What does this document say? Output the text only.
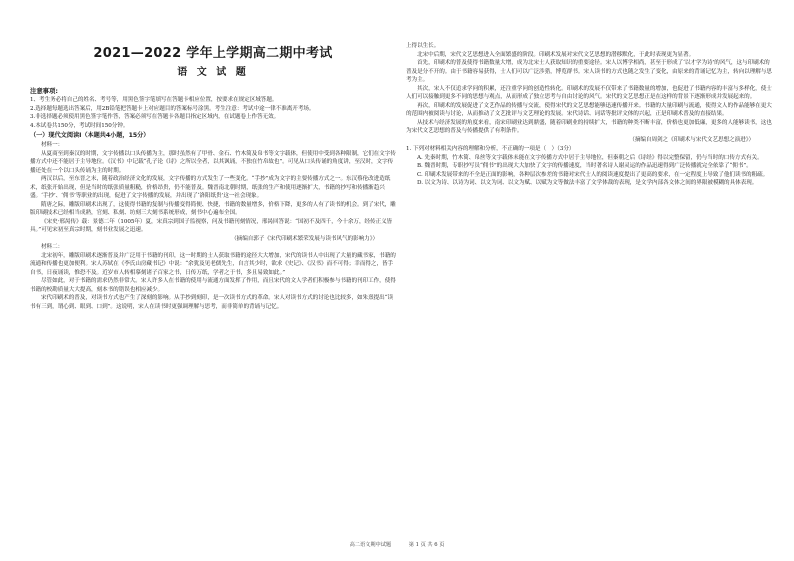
2021—2022 学年上学期高二期中考试
语 文 试 题
注意事项:

1、考生务必将自己的姓名、考号等，用黑色签字笔填写在答题卡相应位置，按要求在规定区域答题。

2.选择题每题选出答案后，用2B铅笔把答题卡上对应题目的答案标号涂黑。考生注意：考试中途一律不准离开考场。

3.非选择题必须使用黑色签字笔作答，答案必须写在答题卡各题目指定区域内，在试题卷上作答无效。

4.本试卷共150分，考试时间150分钟。

（一）现代文阅读Ⅰ（本题共4小题，15分）

材料一：

从夏商至到秦汉的时期，文字传播以口头传播为主，那时虽然有了甲骨、金石、竹木简及帛书等文字载体，但使用中受到各种限制，它们在文字传播方式中还不能居于主导地位。《汉书》中记载“孔子论《诗》之所以全者，以其讽诵，不独在竹帛故也”。可见从口头传诵的角度讲，至汉时，文字传播还处在一个以口头传诵为主的时期。

两汉以后，至东晋之末，随着政治经济文化的发展，文字传播的方式发生了一些变化。“手抄”成为文字的主要传播方式之一。东汉蔡伦改进造纸术，纸张开始出现，但是当时的纸张质量粗糙，价格昂贵，仍不能普及。魏晋南北朝时期，纸张的生产和使用逐渐扩大，书籍的抄写和传播渐趋兴盛。‘手抄’、‘佣书’等职业的出现，促进了文字传播的发展，并出现了‘洛阳纸贵’这一社会现象。

隋唐之际，雕版印刷术出现了，这使得书籍的复制与传播变得简便、快捷，书籍的数量增多，价格下降，更多的人有了读书的机会。到了宋代，雕版印刷技术已经相当成熟，官刻、私刻、坊刻三大刻书系统形成，刻书中心遍布全国。

《宋史·邢昺传》载：景德二年（1005年）夏，宋真宗到国子监视察，问及书籍刊刻情况，邢昺回答说：“国初不及四千，今十余万，经传正义皆具。”可见宋初至真宗时期，刻书业发展之迅速。

（摘编自郭子《宋代印刷术繁荣发展与读书风气的影响力》）

材料二：

北宋初年，雕版印刷术逐渐普及并广泛用于书籍的刊印，这一时期的士人获取书籍的途径大大增加，宋代的读书人中出现了大量的藏书家，书籍的流通和传播也更加便利。宋人苏轼在《李氏山房藏书记》中说：“余犹及见老儒先生，自言其少时，欲求《史记》、《汉书》而不可得；幸而得之，皆手自书，日夜诵读，惟恐不及。近岁市人转相摹刻诸子百家之书，日传万纸，学者之于书，多且易致如此。”

尽管如此，对于书籍的需求仍然非常大。宋人许多人在书籍的使用与流通方面发挥了作用，而且宋代的文人学者们积极参与书籍的刊印工作，使得书籍的校勘质量大大提高，刻本书的错误也相应减少。

宋代印刷术的普及，对读书方式也产生了深刻的影响。从手抄到刻印，是一次读书方式的革命。宋人对读书方式的讨论也比较多，如朱熹提出“读书有三到，谓心到、眼到、口到”。这说明，宋人在读书时更强调理解与思考，而非简单的背诵与记忆。

上得以生长。

北宋中后期，宋代文艺思想进入全面繁盛的阶段。印刷术发展对宋代文艺思想的潜移默化，于此时表现更为显著。

首先，印刷术的普及使得书籍数量大增，成为北宋士人获取知识的重要途径。宋人以博学相尚，甚至于形成了‘以才学为诗’的风气，这与印刷术的普及是分不开的。由于书籍容易获得，士人们可以广泛涉猎，博览群书。宋人读书的方式也随之发生了变化，由原来的背诵记忆为主，转向以理解与思考为主。

其次，宋人不仅追求学问的积累，还注重学问的创造性转化。印刷术的发展不仅带来了书籍数量的增加，也促进了书籍内容的丰富与多样化，使士人们可以接触到更多不同的思想与观点，从而形成了独立思考与自由讨论的风气。宋代的文艺思想正是在这样的背景下逐渐形成并发展起来的。

再次，印刷术的发展促进了文艺作品的传播与交流，使得宋代的文艺思想能够迅速传播开来。书籍的大量印刷与流通，使得文人的作品能够在更大的范围内被阅读与讨论，从而推动了文艺批评与文艺理论的发展。宋代诗话、词话等批评文体的兴起，正是印刷术普及的直接结果。

从技术与经济发展的角度来看，南宋印刷业达到鼎盛，随着印刷业的持续扩大，书籍的种类不断丰富，价格也更加低廉，更多的人能够读书，这也为宋代文艺思想的普及与传播提供了有利条件。

（摘编自周剑之《印刷术与宋代文艺思想之演进》）

1. 下列对材料相关内容的理解和分析，不正确的一项是（　）（3分）

A. 先秦时期，竹木简、帛丝等文字载体未能在文字传播方式中居于主导地位，但秦朝之后《诗经》得以完整保留，仍与当时的口传方式有关。

B. 魏晋时期，专职抄写员“佣书”的出现大大加快了文字的传播速度，当时著名诗人谢灵运的作品迅速得到广泛传播就完全依靠了“佣书”。

C. 印刷术发展带来的不全是正面的影响，各种层次参差的书籍对宋代士人的阅读速度提出了更高的要求，在一定程度上导致了他们读书的粗疏。

D. 以文为诗、以诗为词、以文为词、以文为赋、以赋为文等做法丰富了文学体裁的表现，是文学内部各文体之间的界限被模糊的具体表现。

高二语文期中试题	第 1 页 共 6 页
